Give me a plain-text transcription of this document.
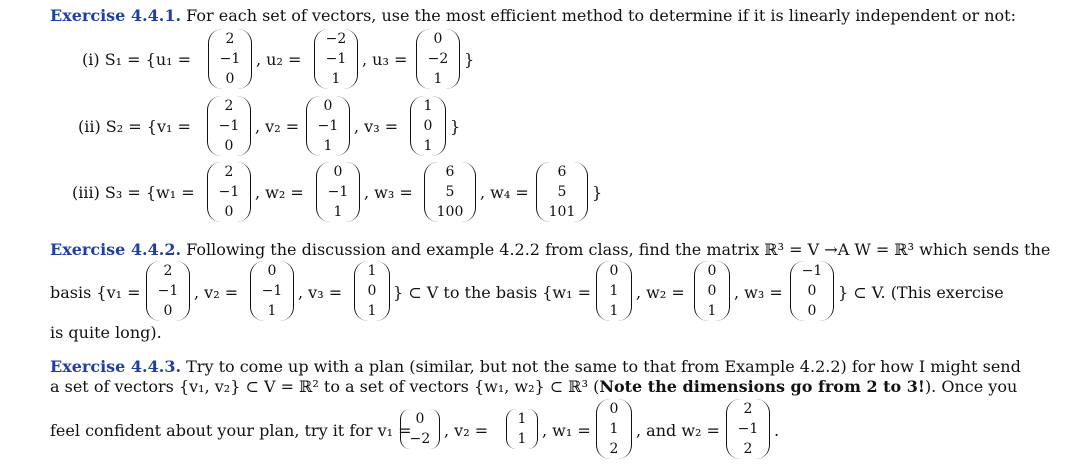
Exercise 4.4.1. For each set of vectors, use the most efficient method to determine if it is linearly independent or not:
(i) S₁ = {u₁ =
2
−1
0
, u₂ =
−2
−1
1
, u₃ =
0
−2
1
}
(ii) S₂ = {v₁ =
2
−1
0
, v₂ =
0
−1
1
, v₃ =
1
0
1
}
(iii) S₃ = {w₁ =
2
−1
0
, w₂ =
0
−1
1
, w₃ =
6
5
100
, w₄ =
6
5
101
}
Exercise 4.4.2. Following the discussion and example 4.2.2 from class, find the matrix ℝ³ = V →A W = ℝ³ which sends the
basis {v₁ =
2
−1
0
, v₂ =
0
−1
1
, v₃ =
1
0
1
} ⊂ V to the basis {w₁ =
0
1
1
, w₂ =
0
0
1
, w₃ =
−1
0
0
} ⊂ V. (This exercise
is quite long).
Exercise 4.4.3. Try to come up with a plan (similar, but not the same to that from Example 4.2.2) for how I might send
a set of vectors {v₁, v₂} ⊂ V = ℝ² to a set of vectors {w₁, w₂} ⊂ ℝ³ (Note the dimensions go from 2 to 3!). Once you
feel confident about your plan, try it for v₁ =
0
−2 , v₂ =
1
1 , w₁ =
0
1
2
, and w₂ =
2
−1
2
.
